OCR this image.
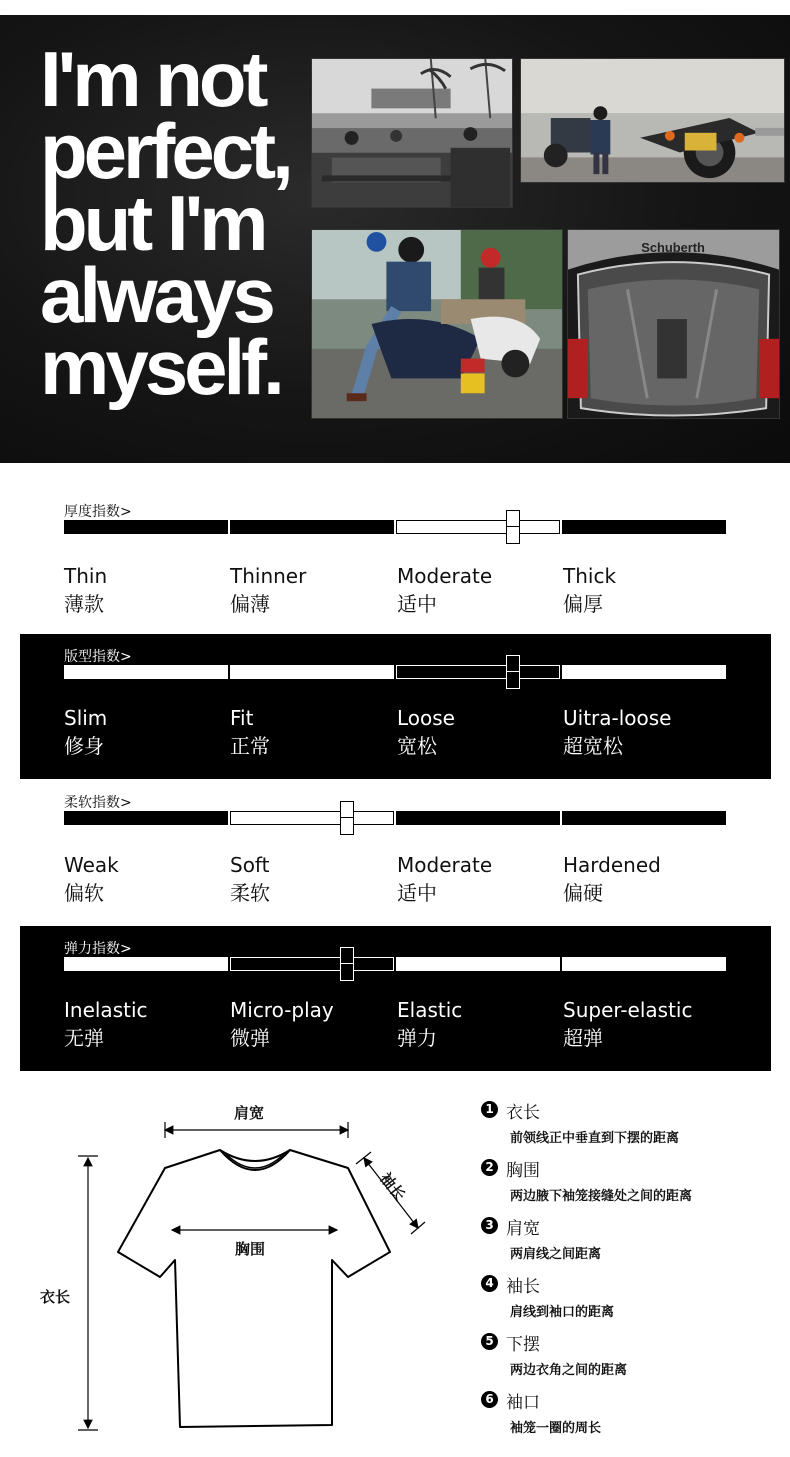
I'm not
perfect,
but I'm
always
myself.
Schuberth
厚度指数>
Thin
薄款
Thinner
偏薄
Moderate
适中
Thick
偏厚
版型指数>
Slim
修身
Fit
正常
Loose
宽松
Uitra-loose
超宽松
柔软指数>
Weak
偏软
Soft
柔软
Moderate
适中
Hardened
偏硬
弹力指数>
Inelastic
无弹
Micro-play
微弹
Elastic
弹力
Super-elastic
超弹
肩宽
胸围
衣长
袖长
1 衣长
前领线正中垂直到下摆的距离
2 胸围
两边腋下袖笼接缝处之间的距离
3 肩宽
两肩线之间距离
4 袖长
肩线到袖口的距离
5 下摆
两边衣角之间的距离
6 袖口
袖笼一圈的周长
